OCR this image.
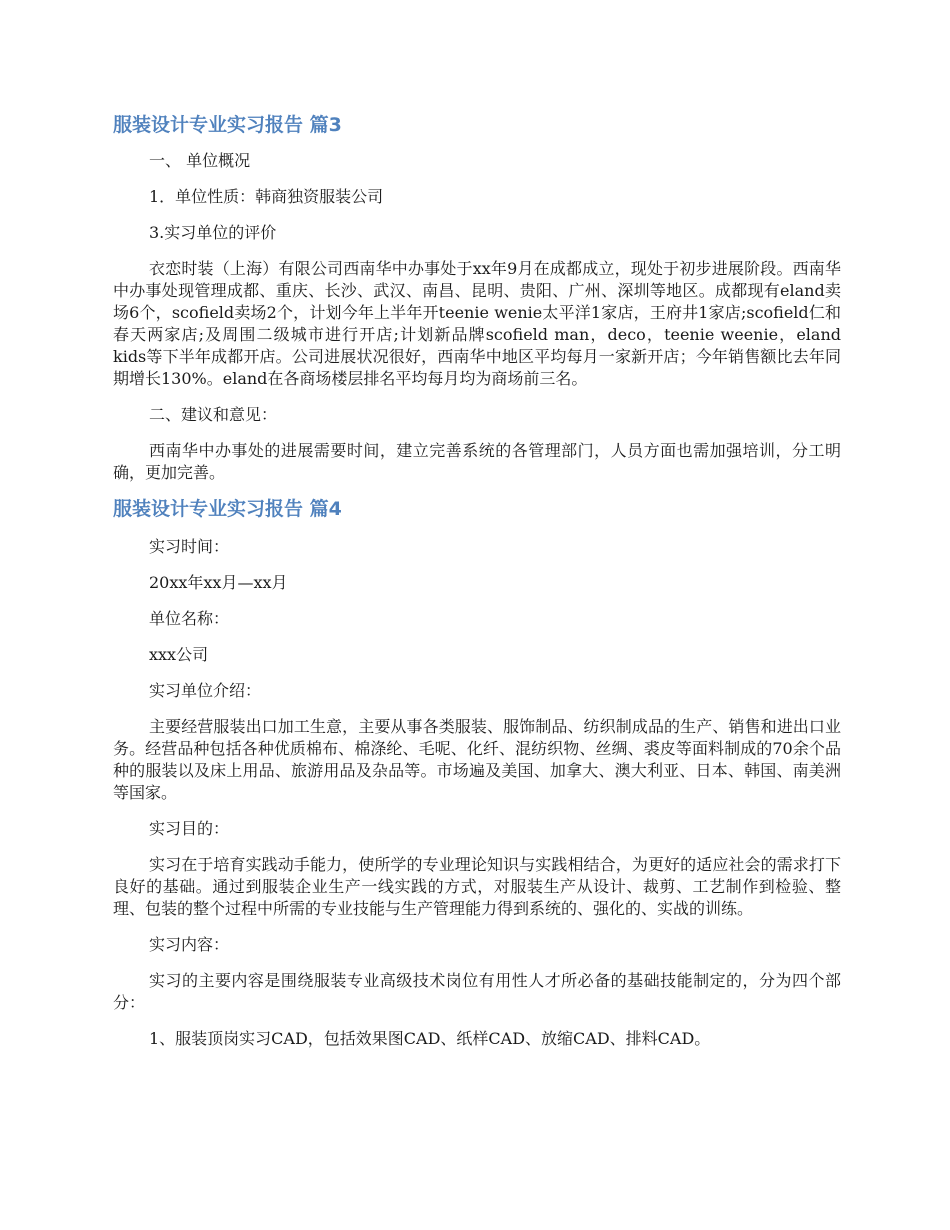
服装设计专业实习报告 篇3

一、 单位概况

1．单位性质：韩商独资服装公司

3.实习单位的评价

衣恋时装（上海）有限公司西南华中办事处于xx年9月在成都成立，现处于初步进展阶段。西南华中办事处现管理成都、重庆、长沙、武汉、南昌、昆明、贵阳、广州、深圳等地区。成都现有eland卖场6个，scofield卖场2个，计划今年上半年开teenie wenie太平洋1家店，王府井1家店;scofield仁和春天两家店;及周围二级城市进行开店;计划新品牌scofield man，deco，teenie weenie，eland kids等下半年成都开店。公司进展状况很好，西南华中地区平均每月一家新开店；今年销售额比去年同期增长130%。eland在各商场楼层排名平均每月均为商场前三名。

二、建议和意见：

西南华中办事处的进展需要时间，建立完善系统的各管理部门，人员方面也需加强培训，分工明确，更加完善。

服装设计专业实习报告 篇4

实习时间：

20xx年xx月—xx月

单位名称：

xxx公司

实习单位介绍：

主要经营服装出口加工生意，主要从事各类服装、服饰制品、纺织制成品的生产、销售和进出口业务。经营品种包括各种优质棉布、棉涤纶、毛呢、化纤、混纺织物、丝绸、裘皮等面料制成的70余个品种的服装以及床上用品、旅游用品及杂品等。市场遍及美国、加拿大、澳大利亚、日本、韩国、南美洲等国家。

实习目的：

实习在于培育实践动手能力，使所学的专业理论知识与实践相结合，为更好的适应社会的需求打下良好的基础。通过到服装企业生产一线实践的方式，对服装生产从设计、裁剪、工艺制作到检验、整理、包装的整个过程中所需的专业技能与生产管理能力得到系统的、强化的、实战的训练。

实习内容：

实习的主要内容是围绕服装专业高级技术岗位有用性人才所必备的基础技能制定的，分为四个部分：

1、服装顶岗实习CAD，包括效果图CAD、纸样CAD、放缩CAD、排料CAD。
